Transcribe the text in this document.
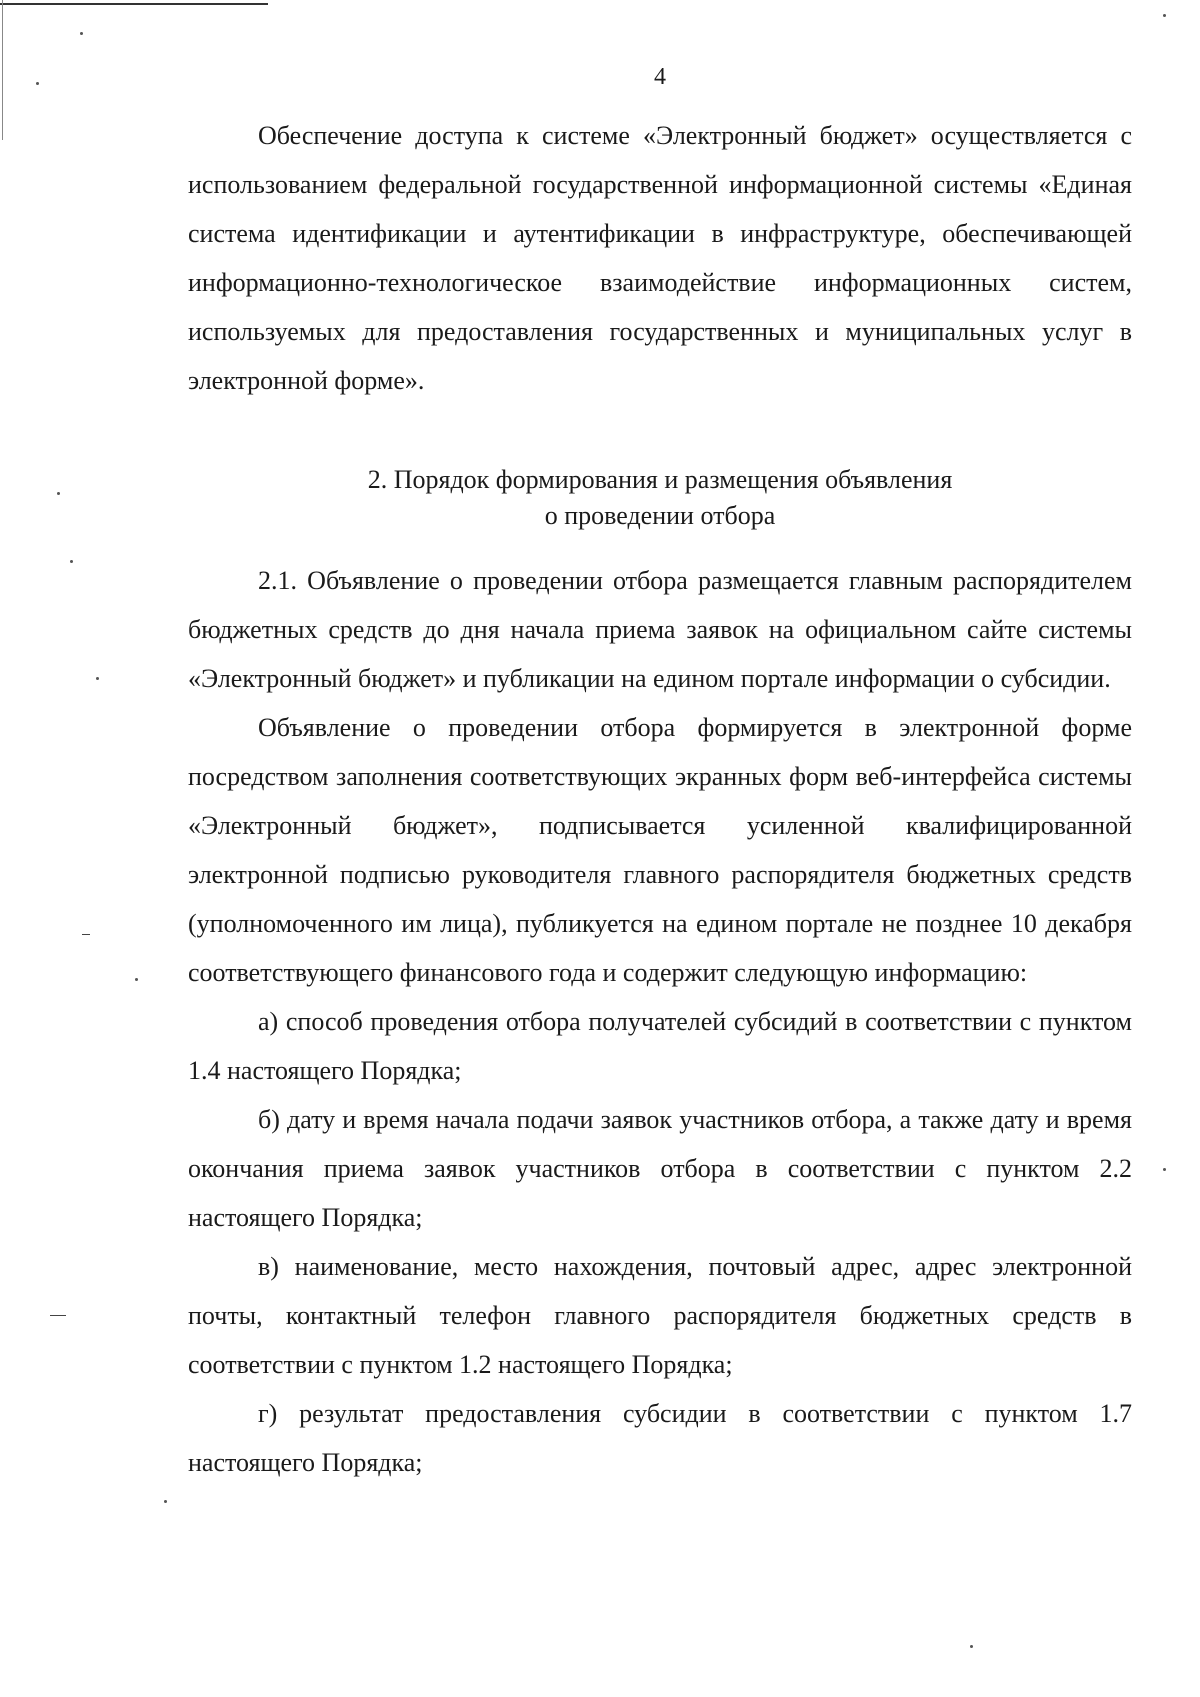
4

Обеспечение доступа к системе «Электронный бюджет» осуществляется с использованием федеральной государственной информационной системы «Единая система идентификации и аутентификации в инфраструктуре, обеспечивающей информационно-технологическое взаимодействие информационных систем, используемых для предоставления государственных и муниципальных услуг в электронной форме».

2. Порядок формирования и размещения объявления
о проведении отбора

2.1. Объявление о проведении отбора размещается главным распорядителем бюджетных средств до дня начала приема заявок на официальном сайте системы «Электронный бюджет» и публикации на едином портале информации о субсидии.

Объявление о проведении отбора формируется в электронной форме посредством заполнения соответствующих экранных форм веб-интерфейса системы «Электронный бюджет», подписывается усиленной квалифицированной электронной подписью руководителя главного распорядителя бюджетных средств (уполномоченного им лица), публикуется на едином портале не позднее 10 декабря соответствующего финансового года и содержит следующую информацию:

а) способ проведения отбора получателей субсидий в соответствии с пунктом 1.4 настоящего Порядка;

б) дату и время начала подачи заявок участников отбора, а также дату и время окончания приема заявок участников отбора в соответствии с пунктом 2.2 настоящего Порядка;

в) наименование, место нахождения, почтовый адрес, адрес электронной почты, контактный телефон главного распорядителя бюджетных средств в соответствии с пунктом 1.2 настоящего Порядка;

г) результат предоставления субсидии в соответствии с пунктом 1.7 настоящего Порядка;
